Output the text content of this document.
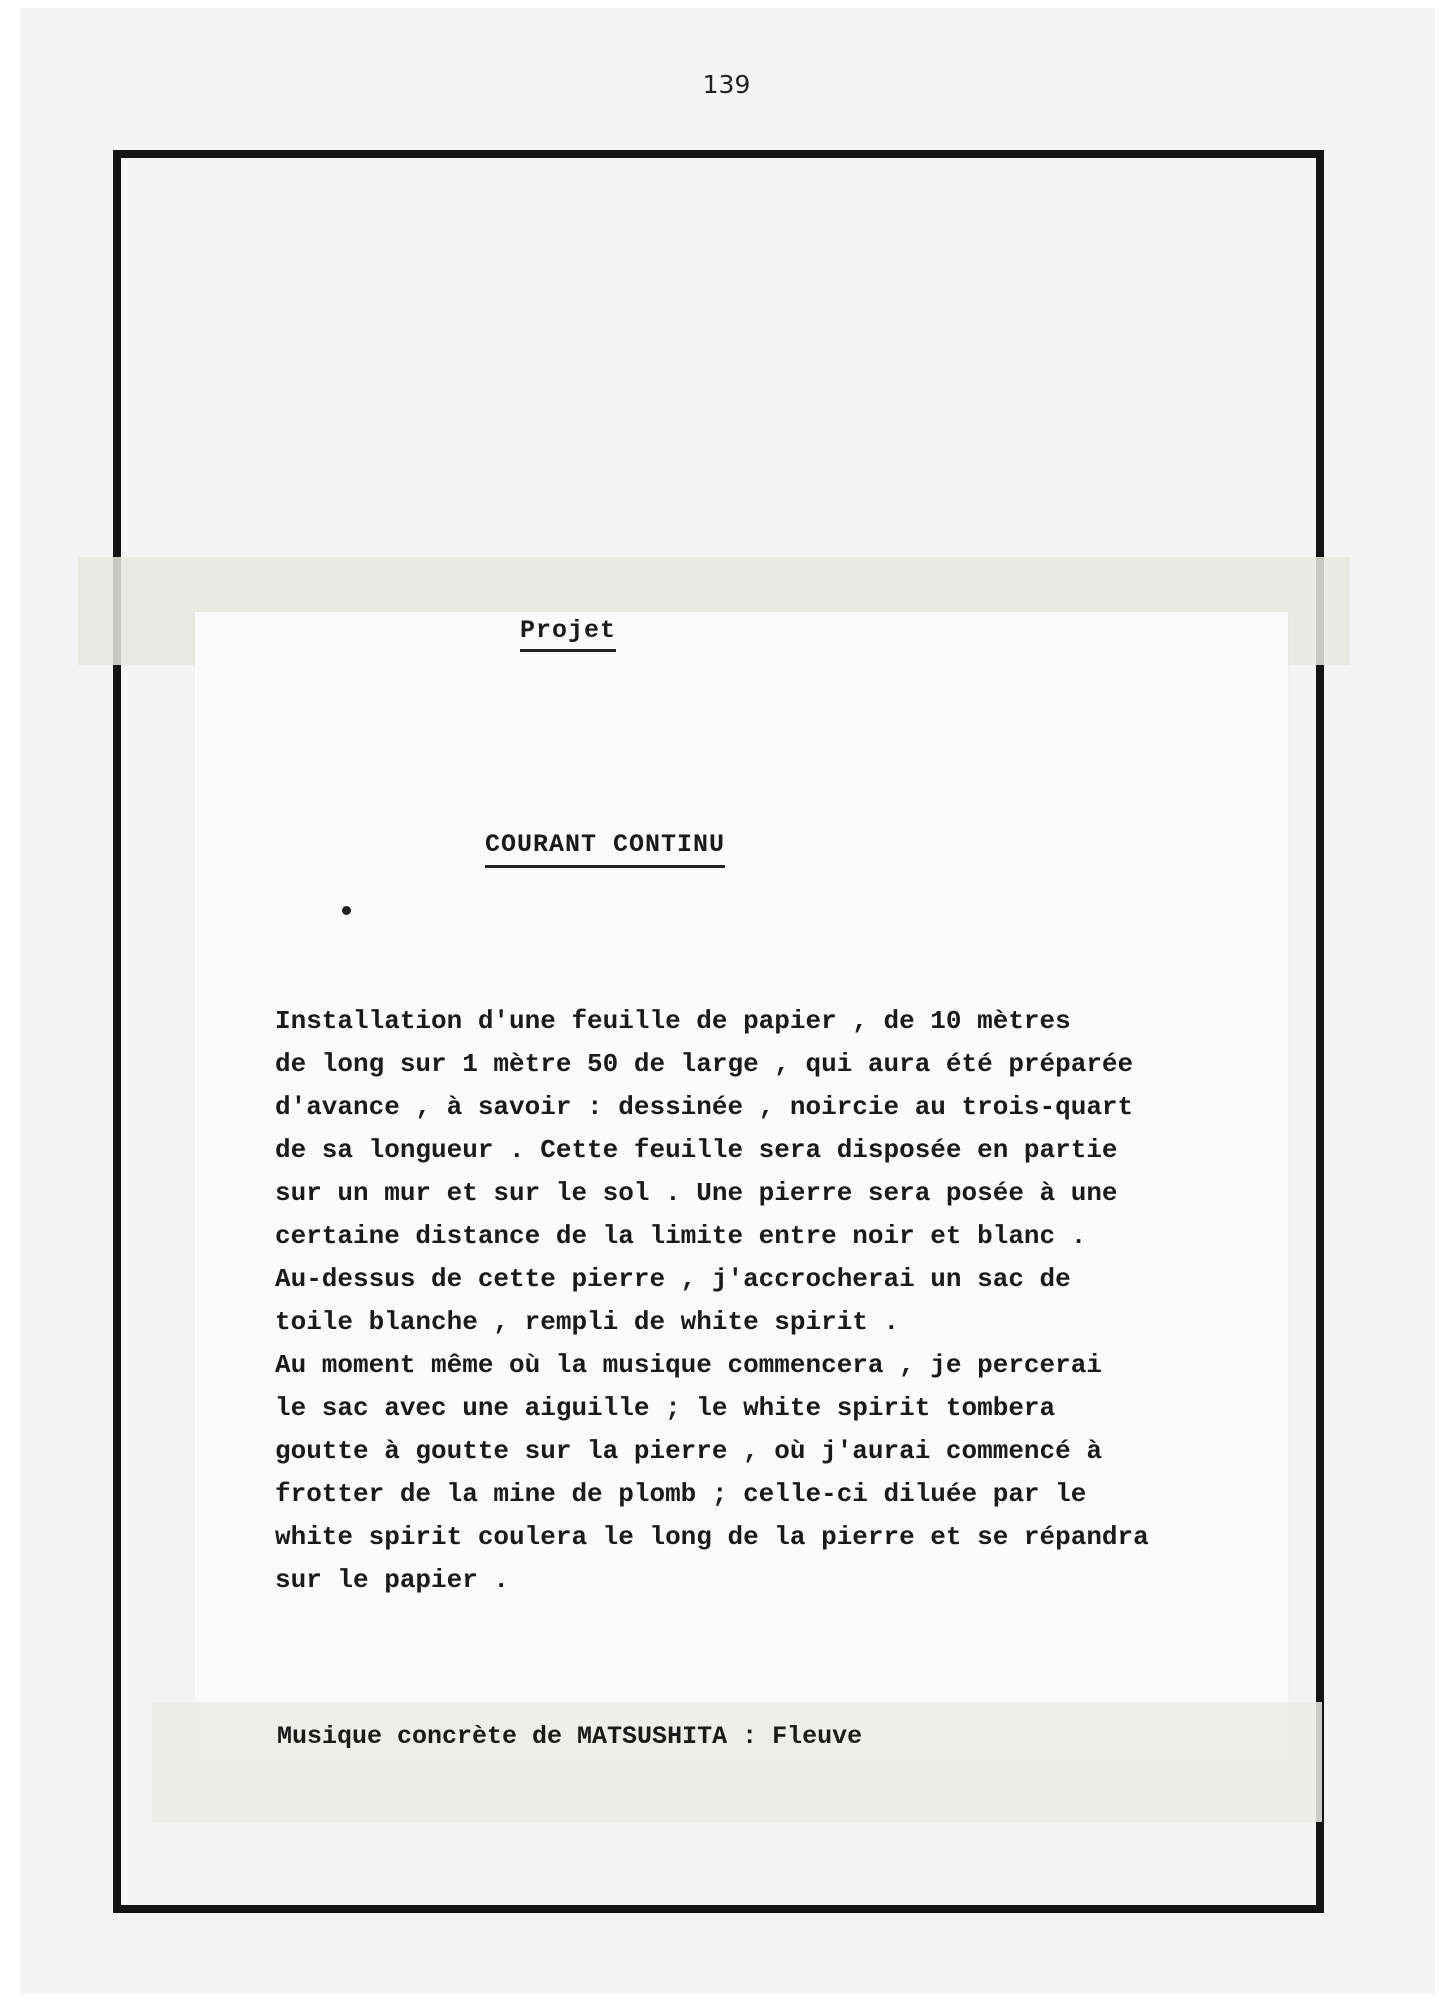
139
Projet
COURANT CONTINU
Installation d'une feuille de papier , de 10 mètres
de long sur 1 mètre 50 de large , qui aura été préparée
d'avance , à savoir : dessinée , noircie au trois-quart
de sa longueur . Cette feuille sera disposée en partie
sur un mur et sur le sol . Une pierre sera posée à une
certaine distance de la limite entre noir et blanc .
Au-dessus de cette pierre , j'accrocherai un sac de
toile blanche , rempli de white spirit .
Au moment même où la musique commencera , je percerai
le sac avec une aiguille ; le white spirit tombera
goutte à goutte sur la pierre , où j'aurai commencé à
frotter de la mine de plomb ; celle-ci diluée par le
white spirit coulera le long de la pierre et se répandra
sur le papier .
Musique concrète de MATSUSHITA : Fleuve
